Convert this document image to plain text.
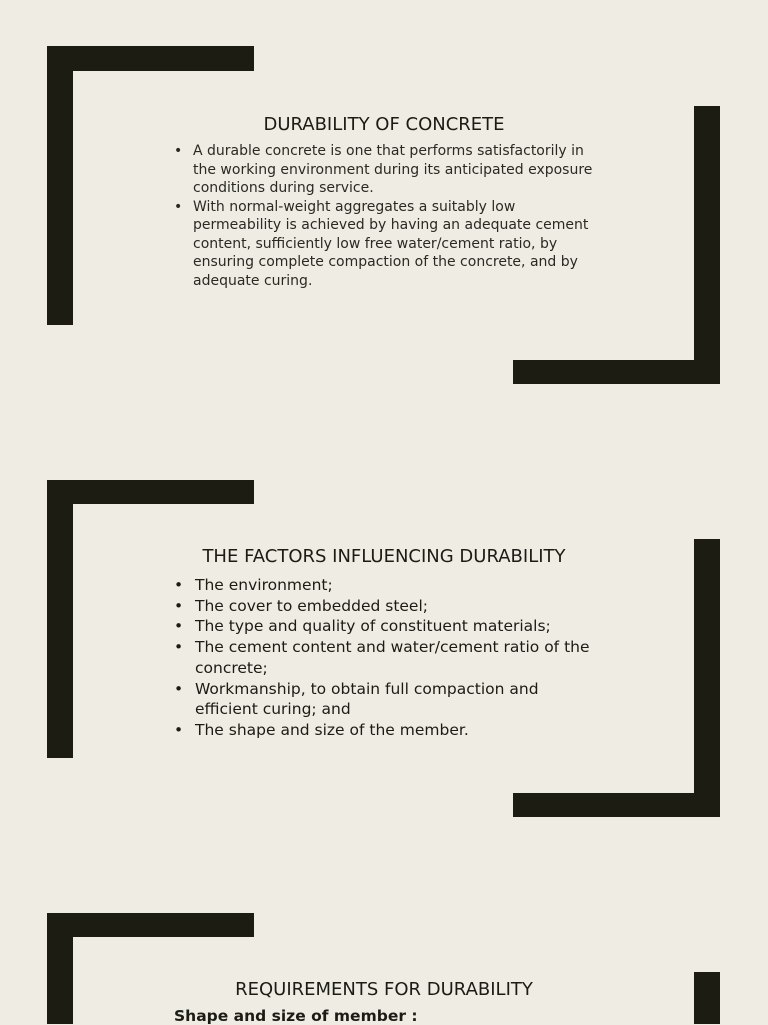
DURABILITY OF CONCRETE
• A durable concrete is one that performs satisfactorily in the working environment during its anticipated exposure conditions during service.
• With normal-weight aggregates a suitably low permeability is achieved by having an adequate cement content, sufficiently low free water/cement ratio, by ensuring complete compaction of the concrete, and by adequate curing.
THE FACTORS INFLUENCING DURABILITY
• The environment;
• The cover to embedded steel;
• The type and quality of constituent materials;
• The cement content and water/cement ratio of the concrete;
• Workmanship, to obtain full compaction and efficient curing; and
• The shape and size of the member.
REQUIREMENTS FOR DURABILITY
Shape and size of member :
